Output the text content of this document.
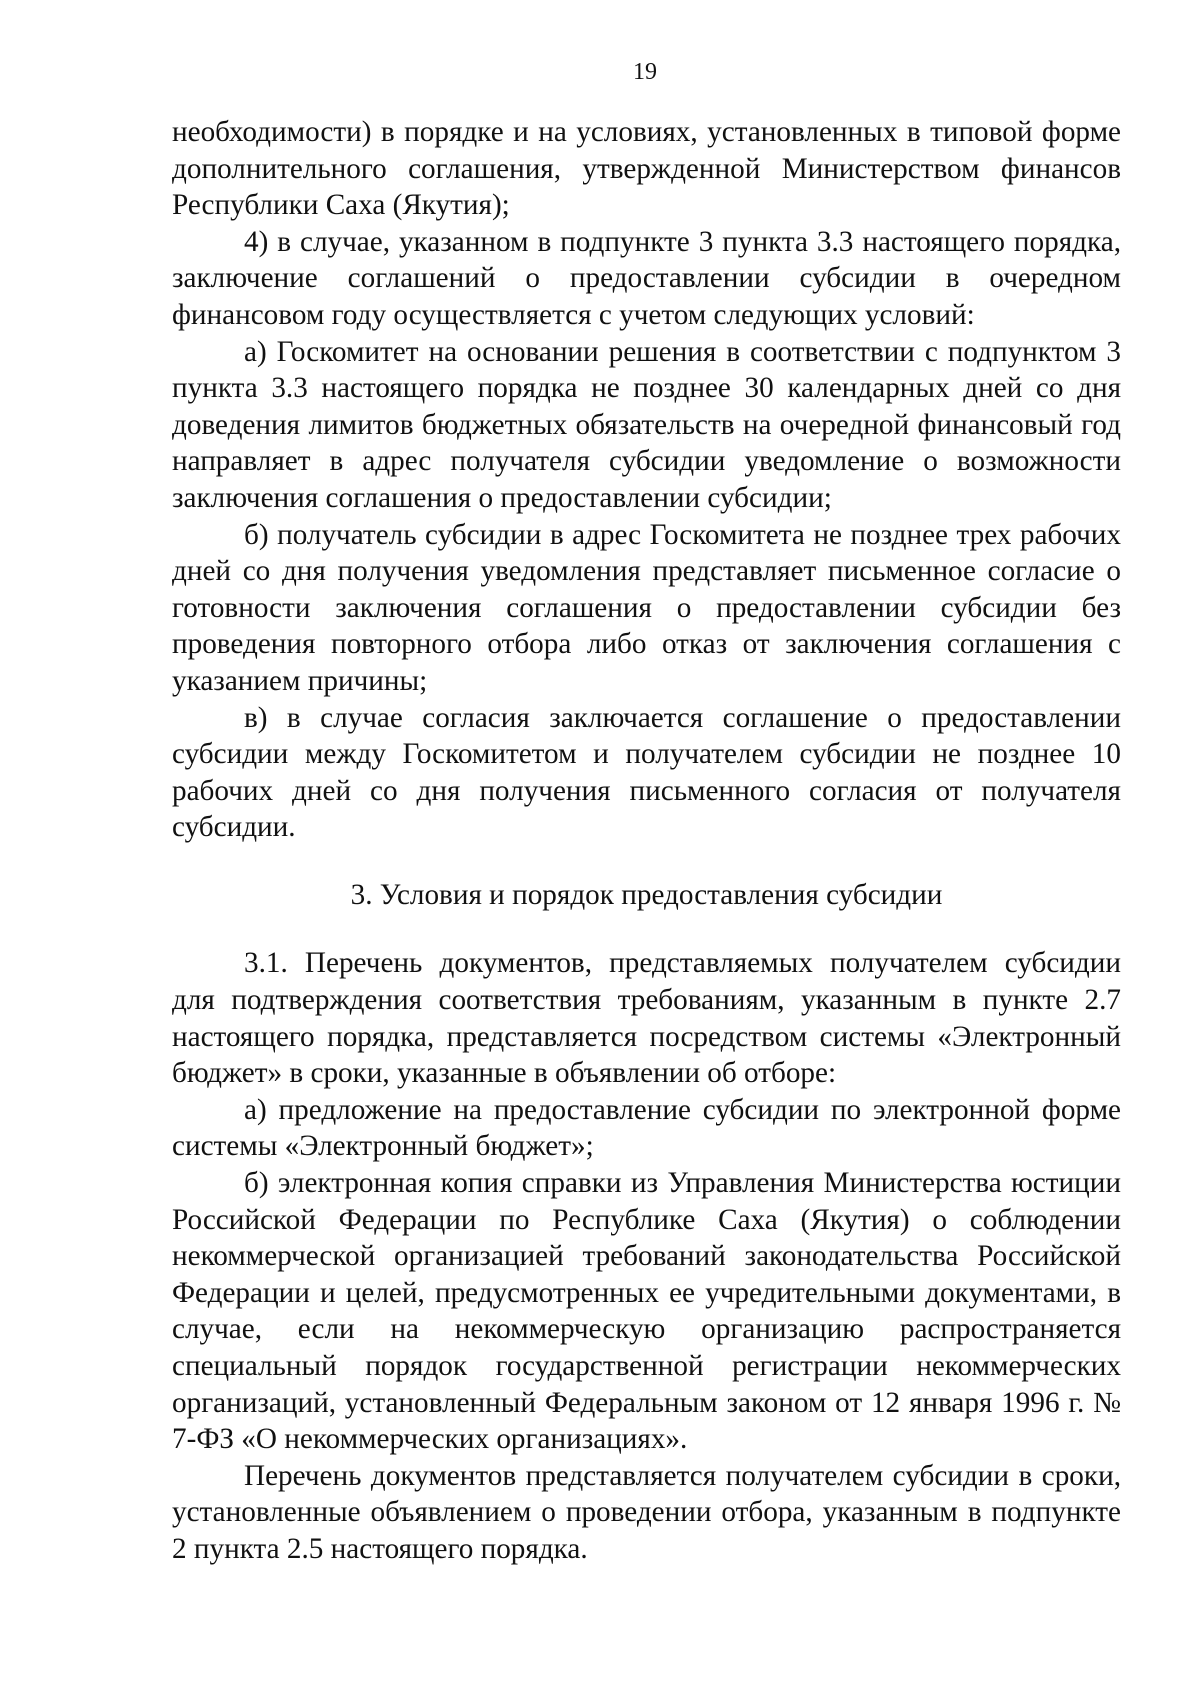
19

необходимости) в порядке и на условиях, установленных в типовой форме дополнительного соглашения, утвержденной Министерством финансов Республики Саха (Якутия);

4) в случае, указанном в подпункте 3 пункта 3.3 настоящего порядка, заключение соглашений о предоставлении субсидии в очередном финансовом году осуществляется с учетом следующих условий:

а) Госкомитет на основании решения в соответствии с подпунктом 3 пункта 3.3 настоящего порядка не позднее 30 календарных дней со дня доведения лимитов бюджетных обязательств на очередной финансовый год направляет в адрес получателя субсидии уведомление о возможности заключения соглашения о предоставлении субсидии;

б) получатель субсидии в адрес Госкомитета не позднее трех рабочих дней со дня получения уведомления представляет письменное согласие о готовности заключения соглашения о предоставлении субсидии без проведения повторного отбора либо отказ от заключения соглашения с указанием причины;

в) в случае согласия заключается соглашение о предоставлении субсидии между Госкомитетом и получателем субсидии не позднее 10 рабочих дней со дня получения письменного согласия от получателя субсидии.

3. Условия и порядок предоставления субсидии

3.1. Перечень документов, представляемых получателем субсидии для подтверждения соответствия требованиям, указанным в пункте 2.7 настоящего порядка, представляется посредством системы «Электронный бюджет» в сроки, указанные в объявлении об отборе:

а) предложение на предоставление субсидии по электронной форме системы «Электронный бюджет»;

б) электронная копия справки из Управления Министерства юстиции Российской Федерации по Республике Саха (Якутия) о соблюдении некоммерческой организацией требований законодательства Российской Федерации и целей, предусмотренных ее учредительными документами, в случае, если на некоммерческую организацию распространяется специальный порядок государственной регистрации некоммерческих организаций, установленный Федеральным законом от 12 января 1996 г. № 7-ФЗ «О некоммерческих организациях».

Перечень документов представляется получателем субсидии в сроки, установленные объявлением о проведении отбора, указанным в подпункте 2 пункта 2.5 настоящего порядка.
